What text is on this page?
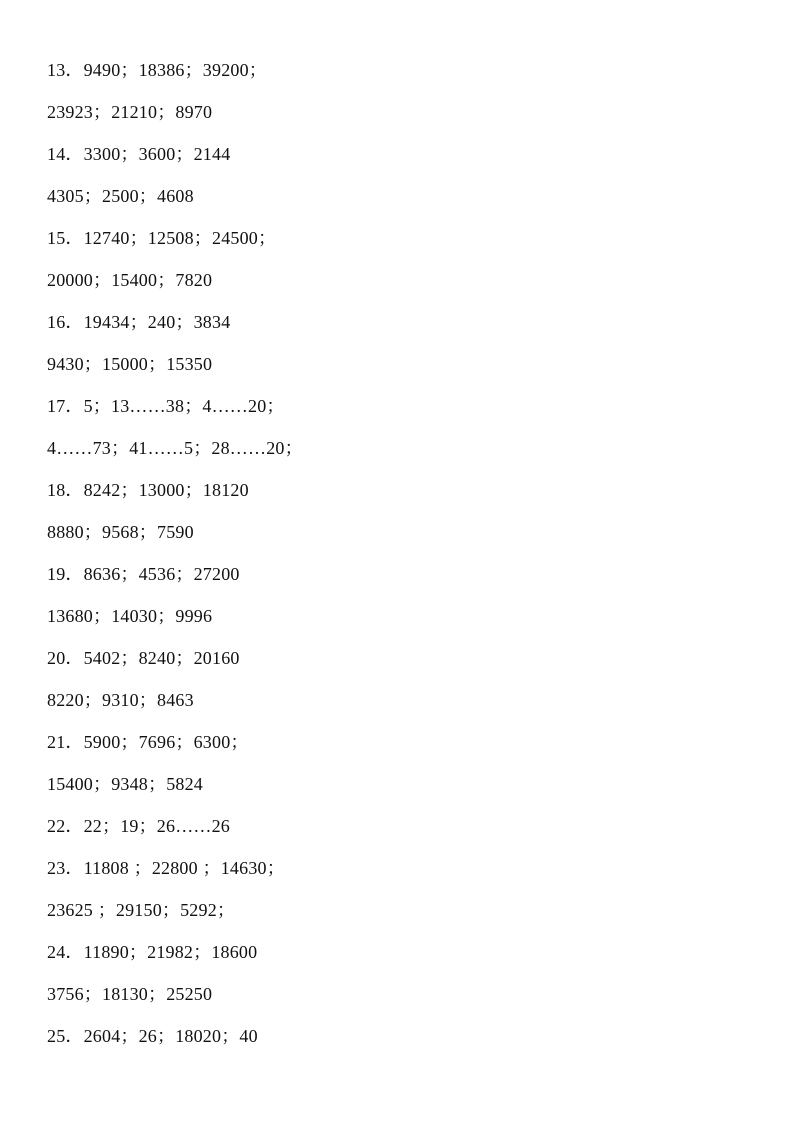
13．9490；18386；39200；
23923；21210；8970
14．3300；3600；2144
4305；2500；4608
15．12740；12508；24500；
20000；15400；7820
16．19434；240；3834
9430；15000；15350
17．5；13……38；4……20；
4……73；41……5；28……20；
18．8242；13000；18120
8880；9568；7590
19．8636；4536；27200
13680；14030；9996
20．5402；8240；20160
8220；9310；8463
21．5900；7696；6300；
15400；9348；5824
22．22；19；26……26
23．11808 ；22800 ；14630；
23625 ；29150；5292；
24．11890；21982；18600
3756；18130；25250
25．2604；26；18020；40
